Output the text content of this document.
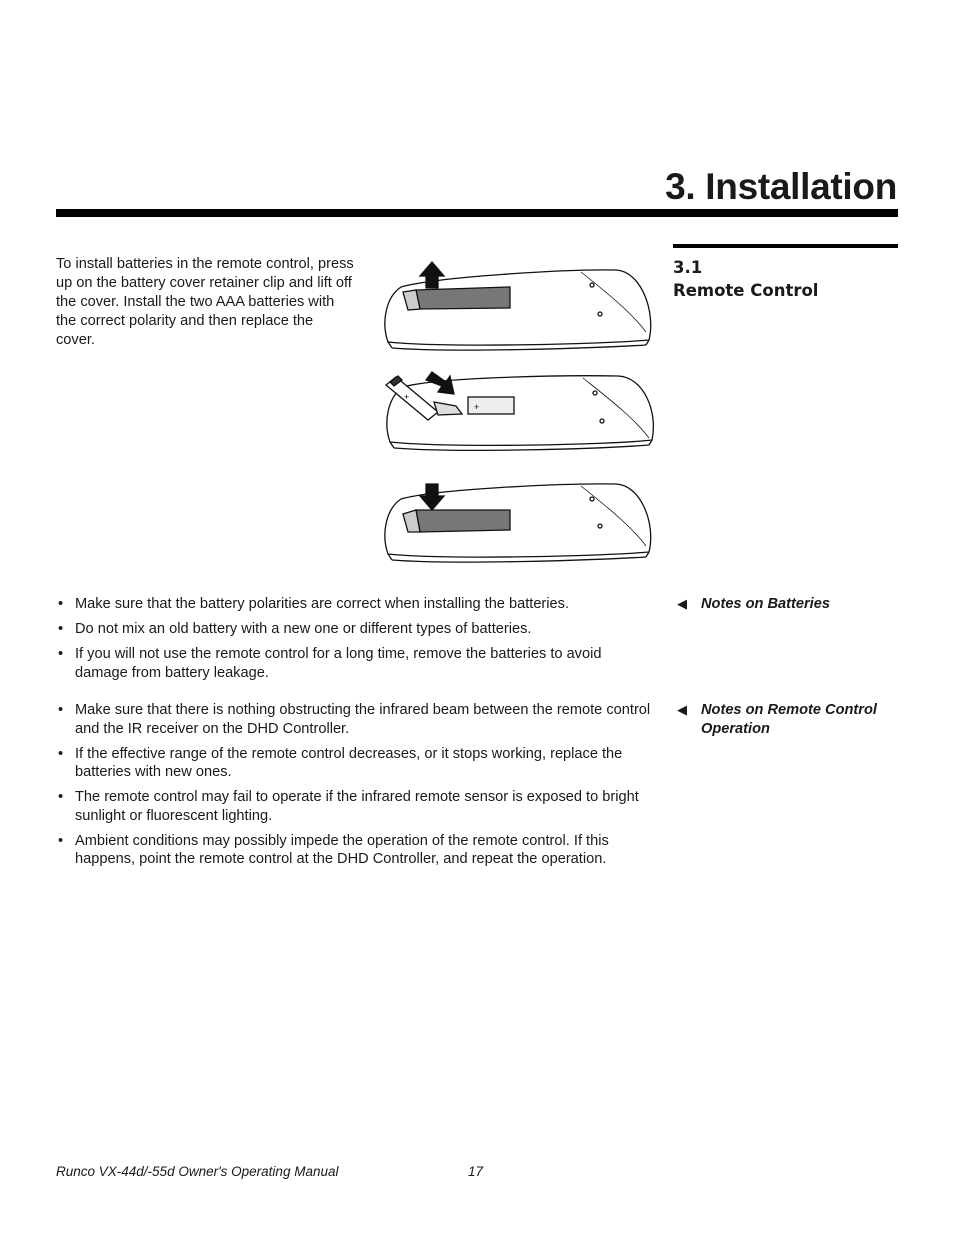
3. Installation
3.1
Remote Control

To install batteries in the remote control, press up on the battery cover retainer clip and lift off the cover. Install the two AAA batteries with the correct polarity and then replace the cover.

+
+
• Make sure that the battery polarities are correct when installing the batteries.
• Do not mix an old battery with a new one or different types of batteries.
• If you will not use the remote control for a long time, remove the batteries to avoid damage from battery leakage.
◀ Notes on Batteries
• Make sure that there is nothing obstructing the infrared beam between the remote control and the IR receiver on the DHD Controller.
• If the effective range of the remote control decreases, or it stops working, replace the batteries with new ones.
• The remote control may fail to operate if the infrared remote sensor is exposed to bright sunlight or fluorescent lighting.
• Ambient conditions may possibly impede the operation of the remote control. If this happens, point the remote control at the DHD Controller, and repeat the operation.
◀ Notes on Remote Control Operation
Runco VX-44d/-55d Owner's Operating Manual	17
